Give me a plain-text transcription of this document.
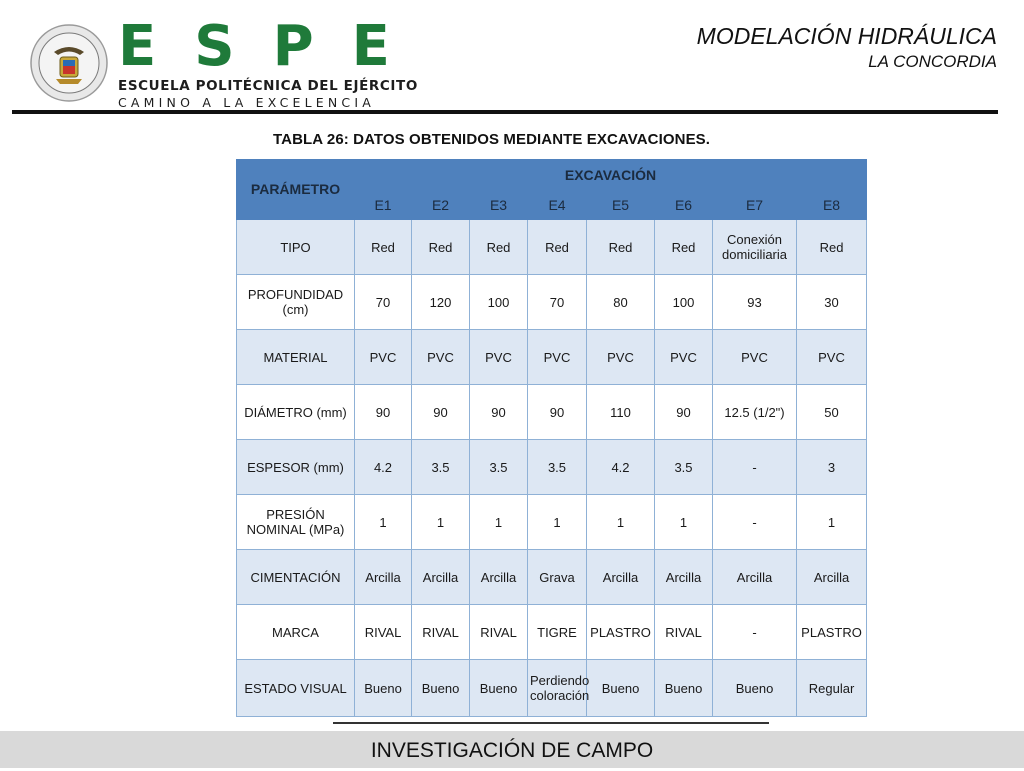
E S P E
ESCUELA POLITÉCNICA DEL EJÉRCITO
CAMINO A LA EXCELENCIA
MODELACIÓN HIDRÁULICA
LA CONCORDIA
TABLA 26: DATOS OBTENIDOS MEDIANTE EXCAVACIONES.
PARÁMETRO	EXCAVACIÓN							
	E1	E2	E3	E4	E5	E6	E7	E8
TIPO	Red	Red	Red	Red	Red	Red	Conexión domiciliaria	Red
PROFUNDIDAD (cm)	70	120	100	70	80	100	93	30
MATERIAL	PVC	PVC	PVC	PVC	PVC	PVC	PVC	PVC
DIÁMETRO (mm)	90	90	90	90	110	90	12.5 (1/2")	50
ESPESOR (mm)	4.2	3.5	3.5	3.5	4.2	3.5	-	3
PRESIÓN NOMINAL (MPa)	1	1	1	1	1	1	-	1
CIMENTACIÓN	Arcilla	Arcilla	Arcilla	Grava	Arcilla	Arcilla	Arcilla	Arcilla
MARCA	RIVAL	RIVAL	RIVAL	TIGRE	PLASTRO	RIVAL	-	PLASTRO
ESTADO VISUAL	Bueno	Bueno	Bueno	Perdiendo coloración	Bueno	Bueno	Bueno	Regular
INVESTIGACIÓN DE CAMPO
